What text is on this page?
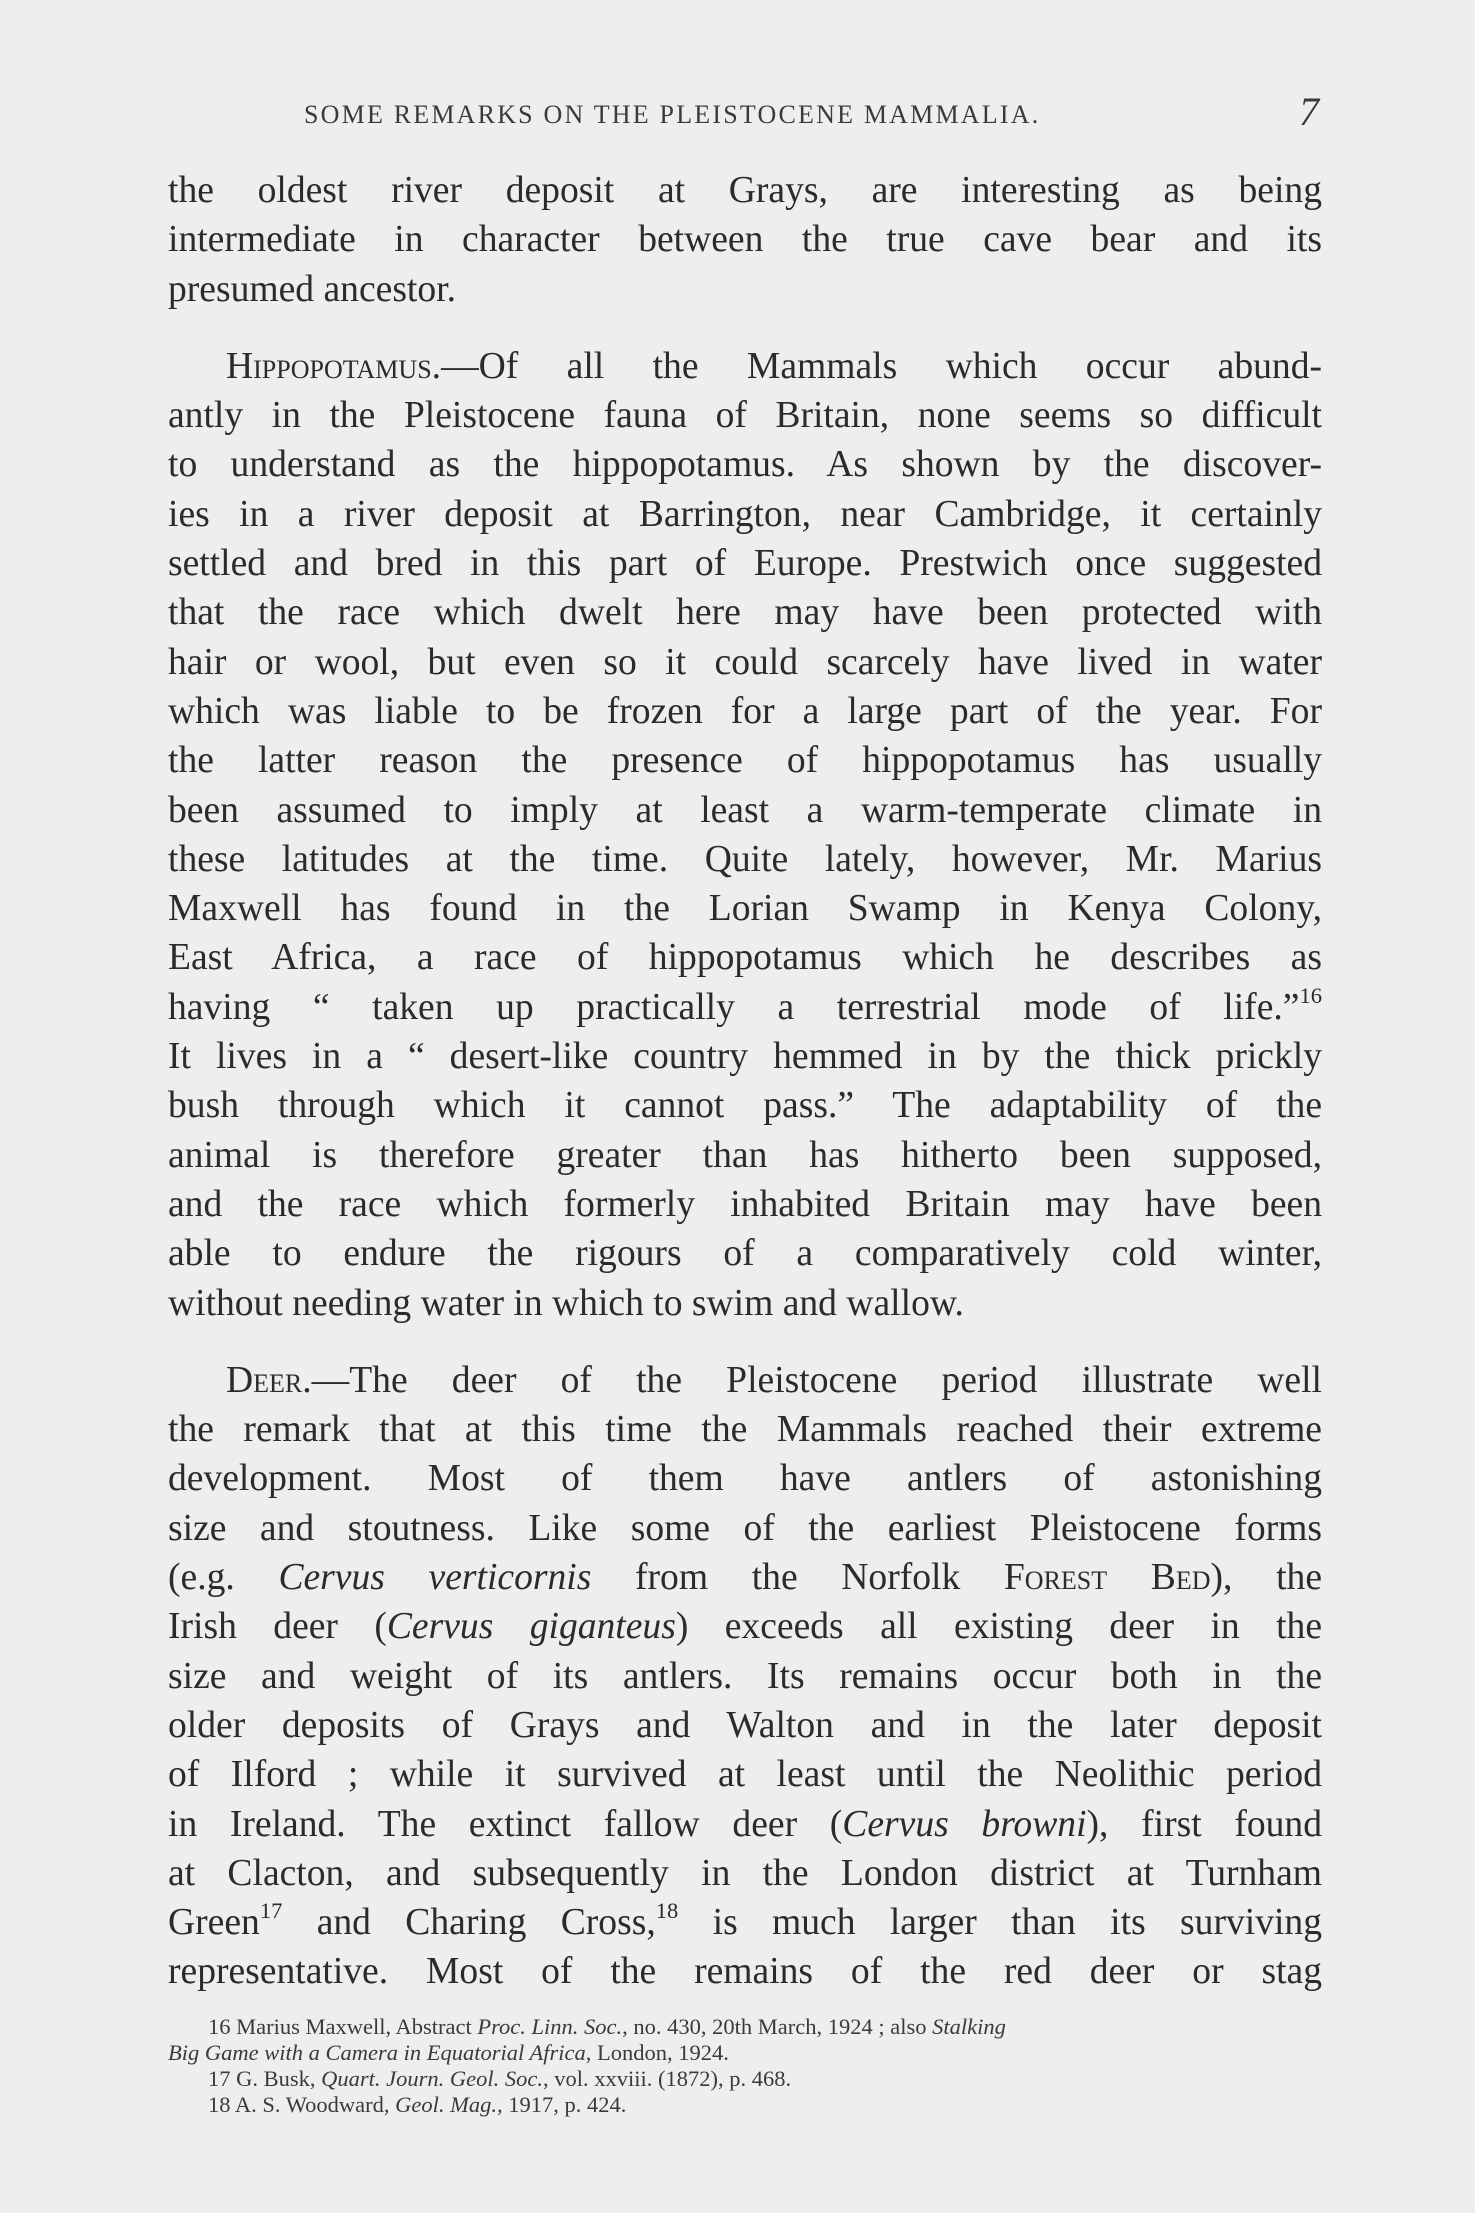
SOME REMARKS ON THE PLEISTOCENE MAMMALIA.	7
the oldest river deposit at Grays, are interesting as being
intermediate in character between the true cave bear and its
presumed ancestor.
Hippopotamus.—Of all the Mammals which occur abund-
antly in the Pleistocene fauna of Britain, none seems so difficult
to understand as the hippopotamus. As shown by the discover-
ies in a river deposit at Barrington, near Cambridge, it certainly
settled and bred in this part of Europe. Prestwich once suggested
that the race which dwelt here may have been protected with
hair or wool, but even so it could scarcely have lived in water
which was liable to be frozen for a large part of the year. For
the latter reason the presence of hippopotamus has usually
been assumed to imply at least a warm-temperate climate in
these latitudes at the time. Quite lately, however, Mr. Marius
Maxwell has found in the Lorian Swamp in Kenya Colony,
East Africa, a race of hippopotamus which he describes as
having “ taken up practically a terrestrial mode of life.”$^{16}$
It lives in a “ desert-like country hemmed in by the thick prickly
bush through which it cannot pass.” The adaptability of the
animal is therefore greater than has hitherto been supposed,
and the race which formerly inhabited Britain may have been
able to endure the rigours of a comparatively cold winter,
without needing water in which to swim and wallow.
Deer.—The deer of the Pleistocene period illustrate well
the remark that at this time the Mammals reached their extreme
development. Most of them have antlers of astonishing
size and stoutness. Like some of the earliest Pleistocene forms
(e.g. Cervus verticornis from the Norfolk Forest Bed), the
Irish deer (Cervus giganteus) exceeds all existing deer in the
size and weight of its antlers. Its remains occur both in the
older deposits of Grays and Walton and in the later deposit
of Ilford ; while it survived at least until the Neolithic period
in Ireland. The extinct fallow deer (Cervus browni), first found
at Clacton, and subsequently in the London district at Turnham
Green$^{17}$ and Charing Cross,$^{18}$ is much larger than its surviving
representative. Most of the remains of the red deer or stag
16 Marius Maxwell, Abstract Proc. Linn. Soc., no. 430, 20th March, 1924 ; also Stalking
Big Game with a Camera in Equatorial Africa, London, 1924.
17 G. Busk, Quart. Journ. Geol. Soc., vol. xxviii. (1872), p. 468.
18 A. S. Woodward, Geol. Mag., 1917, p. 424.
